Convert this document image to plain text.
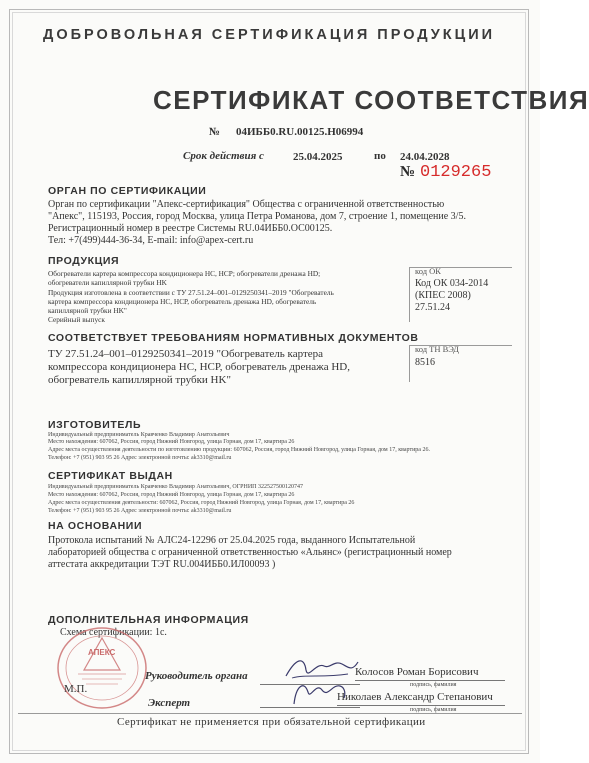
ДОБРОВОЛЬНАЯ СЕРТИФИКАЦИЯ ПРОДУКЦИИ
СЕРТИФИКАТ СООТВЕТСТВИЯ
№ 04ИББ0.RU.00125.H06994
Срок действия с	25.04.2025	по 24.04.2028
№ 0129265
ОРГАН ПО СЕРТИФИКАЦИИ
Орган по сертификации "Апекс-сертификация" Общества с ограниченной ответственностью
"Апекс", 115193, Россия, город Москва, улица Петра Романова, дом 7, строение 1, помещение 3/5.
Регистрационный номер в реестре Системы RU.04ИББ0.ОС00125.
Тел: +7(499)444-36-34, E-mail: info@apex-cert.ru
ПРОДУКЦИЯ
Обогреватели картера компрессора кондиционера HC, HCP; обогреватели дренажа HD;
обогреватели капиллярной трубки HK
Продукция изготовлена в соответствии с ТУ 27.51.24–001–0129250341–2019 "Обогреватель
картера компрессора кондиционера HC, HCP, обогреватель дренажа HD, обогреватель
капиллярной трубки HK"
Серийный выпуск
код ОК
Код ОК 034-2014
(КПЕС 2008)
27.51.24
СООТВЕТСТВУЕТ ТРЕБОВАНИЯМ НОРМАТИВНЫХ ДОКУМЕНТОВ
ТУ 27.51.24–001–0129250341–2019 "Обогреватель картера
компрессора кондиционера HC, HCP, обогреватель дренажа HD,
обогреватель капиллярной трубки HK"
код ТН ВЭД
8516
ИЗГОТОВИТЕЛЬ
Индивидуальный предприниматель Кравченко Владимир Анатольевич
Место нахождения: 607062, Россия, город Нижний Новгород, улица Горная, дом 17, квартира 26
Адрес места осуществления деятельности по изготовлению продукции: 607062, Россия, город Нижний Новгород, улица Горная, дом 17, квартира 26.
Телефон: +7 (951) 903 95 26 Адрес электронной почты: ak3310@mail.ru
СЕРТИФИКАТ ВЫДАН
Индивидуальный предприниматель Кравченко Владимир Анатольевич, ОГРНИП 322527500120747
Место нахождения: 607062, Россия, город Нижний Новгород, улица Горная, дом 17, квартира 26
Адрес места осуществления деятельности: 607062, Россия, город Нижний Новгород, улица Горная, дом 17, квартира 26
Телефон: +7 (951) 903 95 26 Адрес электронной почты: ak3310@mail.ru
НА ОСНОВАНИИ
Протокола испытаний № АЛС24-12296 от 25.04.2025 года, выданного Испытательной
лабораторией общества с ограниченной ответственностью «Альянс» (регистрационный номер
аттестата аккредитации ТЭТ RU.004ИББ0.ИЛ00093 )
ДОПОЛНИТЕЛЬНАЯ ИНФОРМАЦИЯ
Схема сертификации: 1с.
АПЕКС
М.П.
Руководитель органа	Колосов Роман Борисович
подпись, фамилия
Эксперт	Николаев Александр Степанович
подпись, фамилия
Сертификат не применяется при обязательной сертификации
